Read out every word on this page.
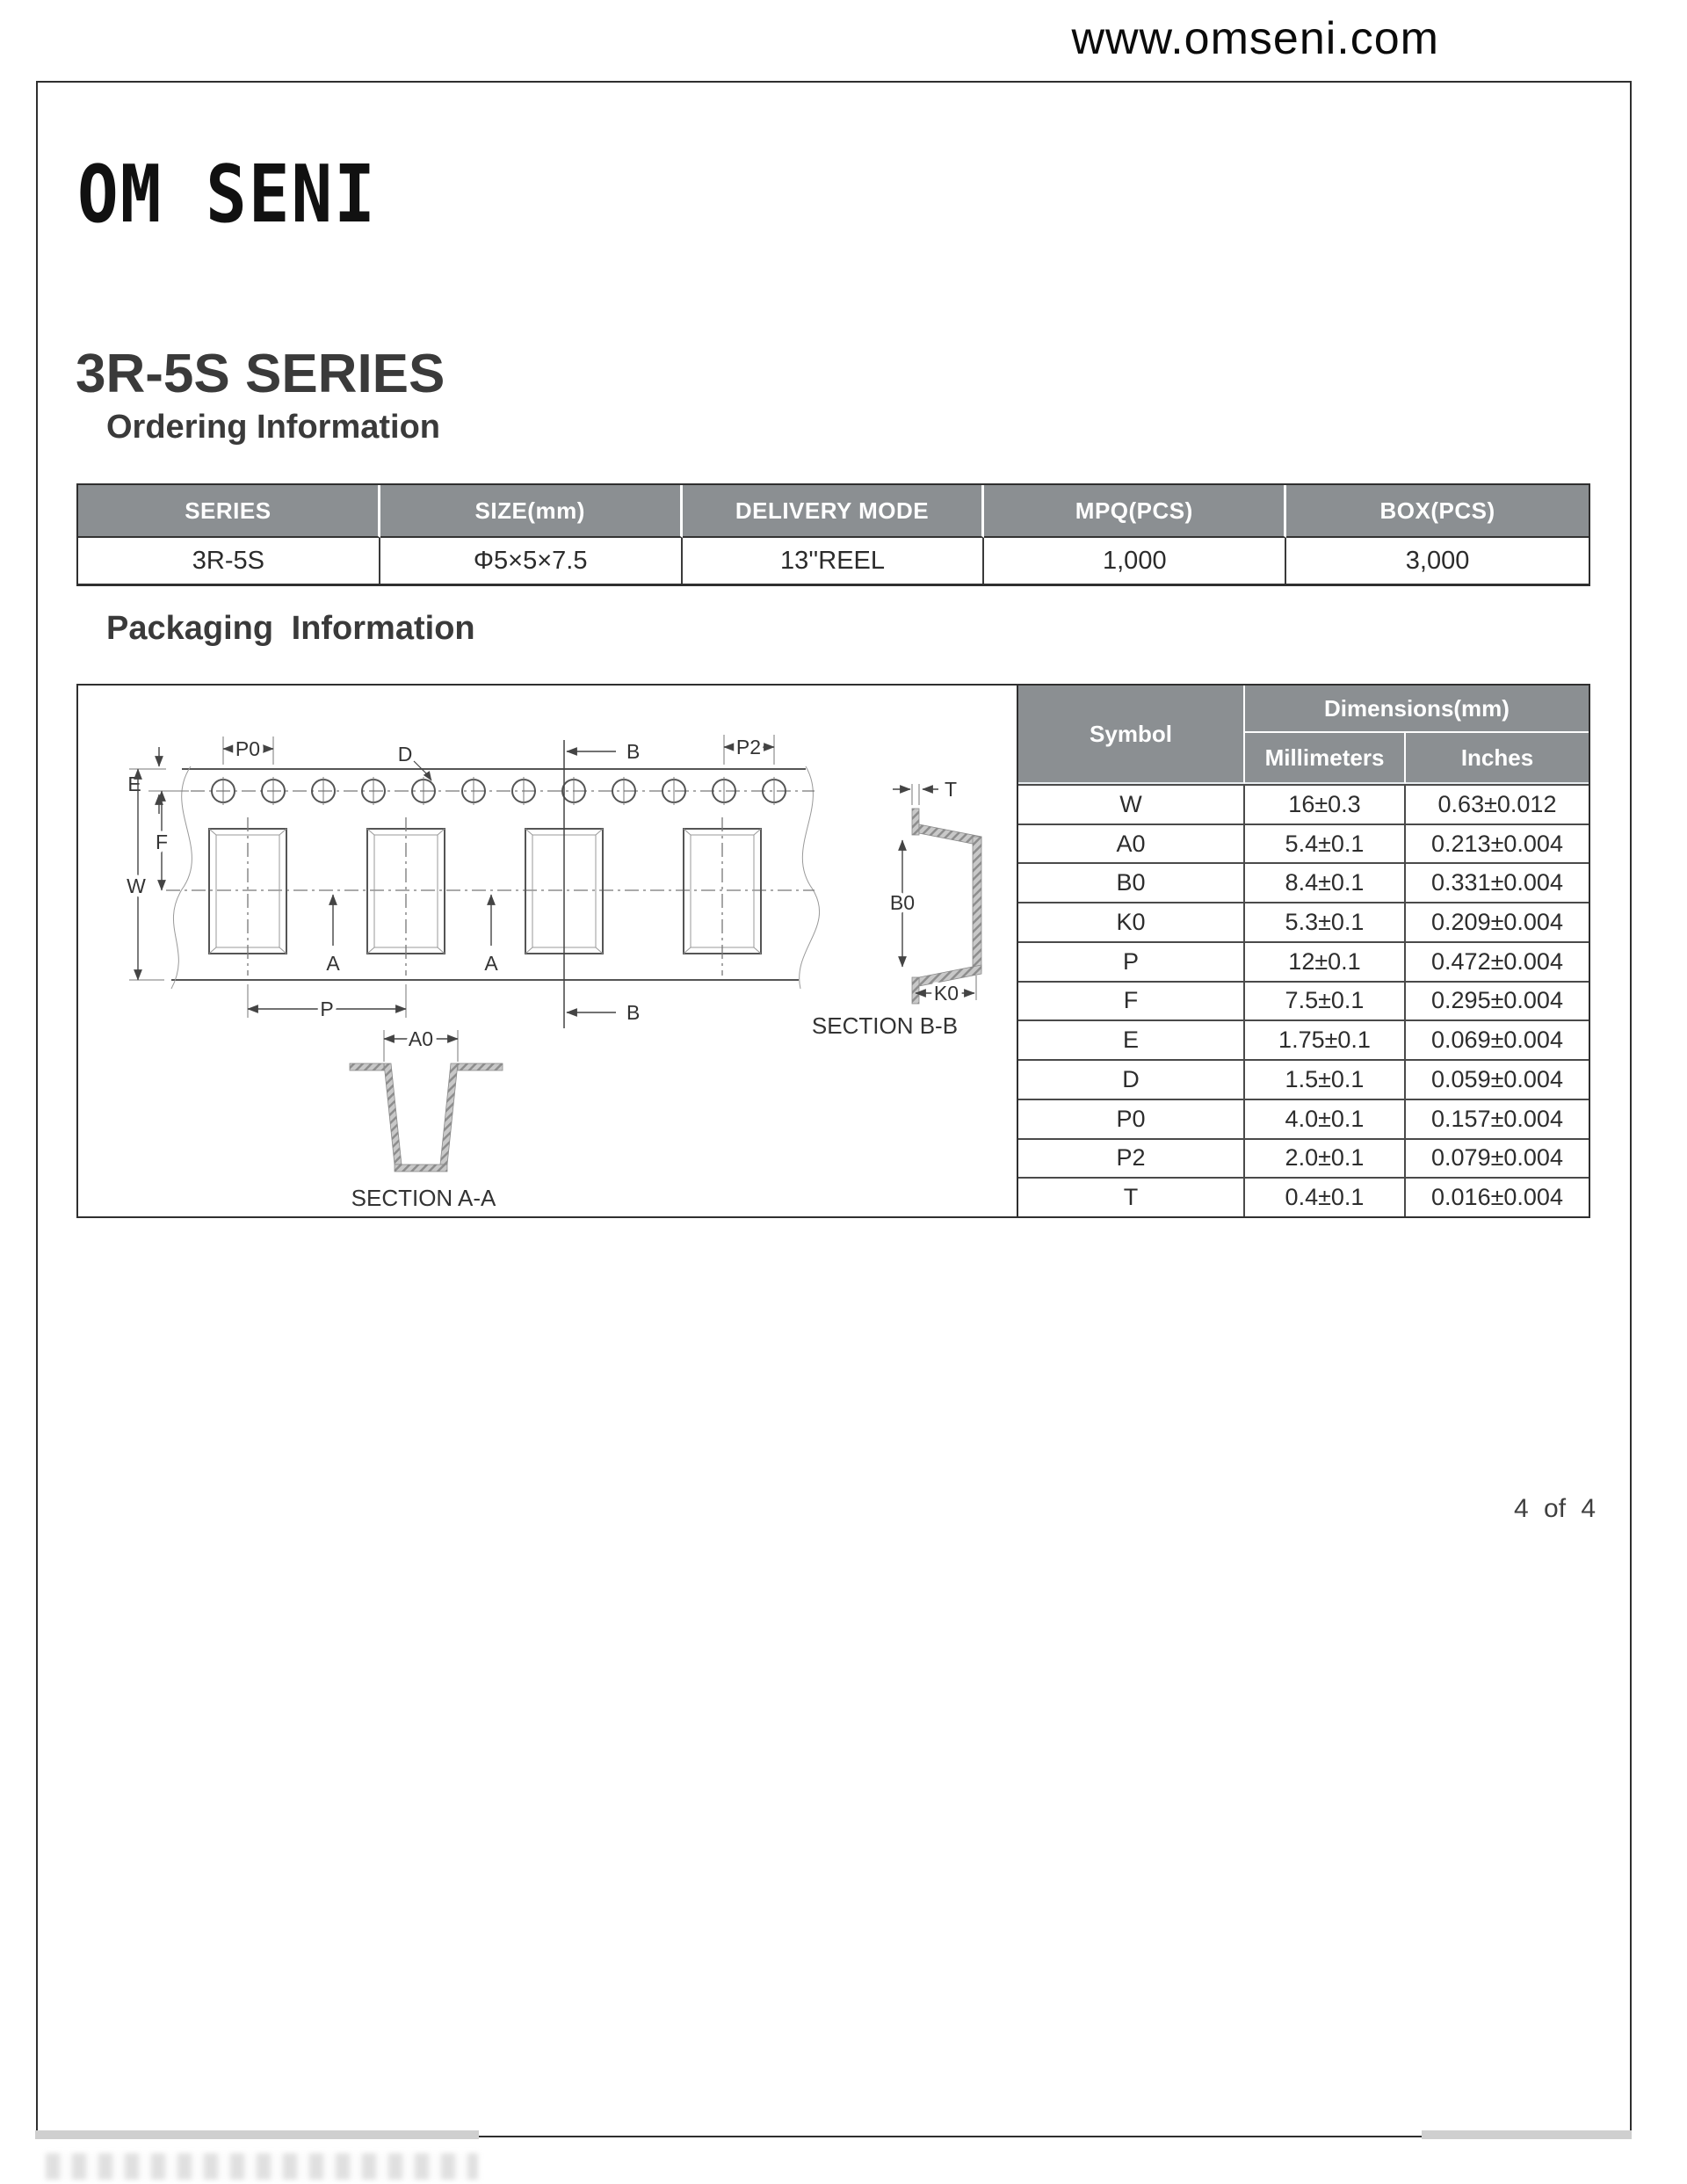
www.omseni.com
OM SENI
3R-5S SERIES
Ordering Information
SERIES	SIZE(mm)	DELIVERY MODE	MPQ(PCS)	BOX(PCS)
3R-5S	Φ5×5×7.5	13''REEL	1,000	3,000
Packaging Information
P0	P2
D	B
B
E
F
W
A	A
P
A0
SECTION A-A
T
B0
K0
SECTION B-B
Symbol
Dimensions(mm)
Millimeters	Inches
W	16±0.3	0.63±0.012
A0	5.4±0.1	0.213±0.004
B0	8.4±0.1	0.331±0.004
K0	5.3±0.1	0.209±0.004
P	12±0.1	0.472±0.004
F	7.5±0.1	0.295±0.004
E	1.75±0.1	0.069±0.004
D	1.5±0.1	0.059±0.004
P0	4.0±0.1	0.157±0.004
P2	2.0±0.1	0.079±0.004
T	0.4±0.1	0.016±0.004
4 of 4
